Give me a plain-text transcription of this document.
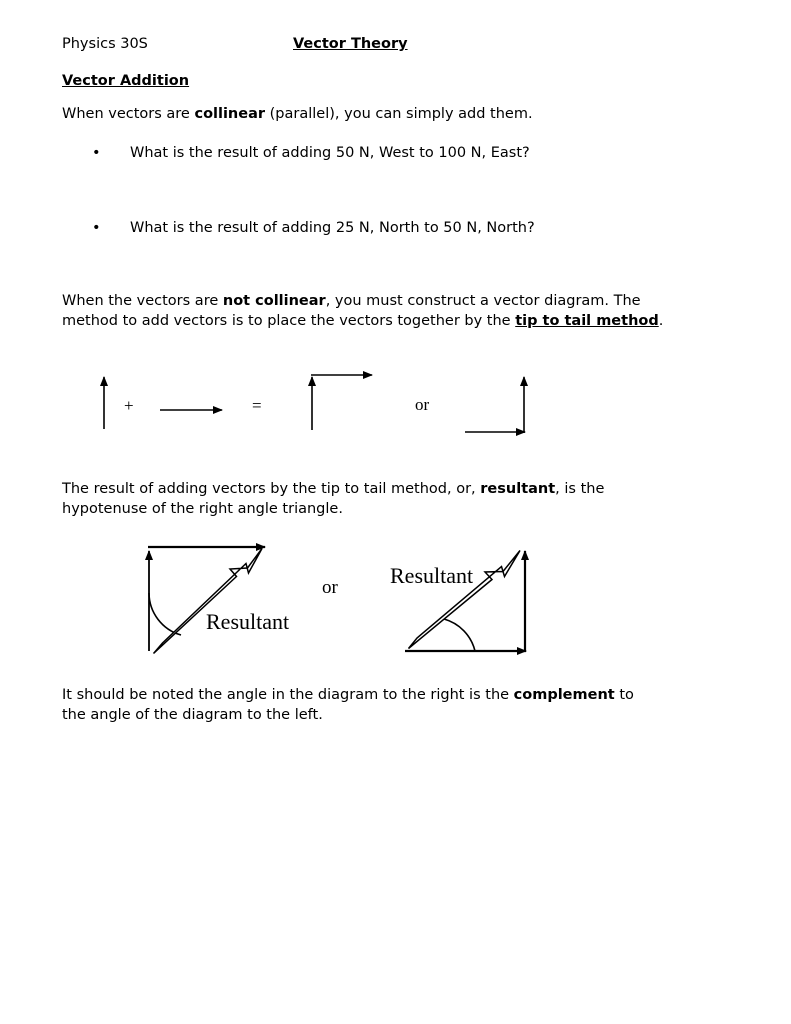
Physics 30S	Vector Theory
Vector Addition
When vectors are collinear (parallel), you can simply add them.
• What is the result of adding 50 N, West to 100 N, East?
• What is the result of adding 25 N, North to 50 N, North?
When the vectors are not collinear, you must construct a vector diagram. The method to add vectors is to place the vectors together by the tip to tail method.
+	=	or
The result of adding vectors by the tip to tail method, or, resultant, is the hypotenuse of the right angle triangle.
Resultant
or Resultant
It should be noted the angle in the diagram to the right is the complement to the angle of the diagram to the left.
